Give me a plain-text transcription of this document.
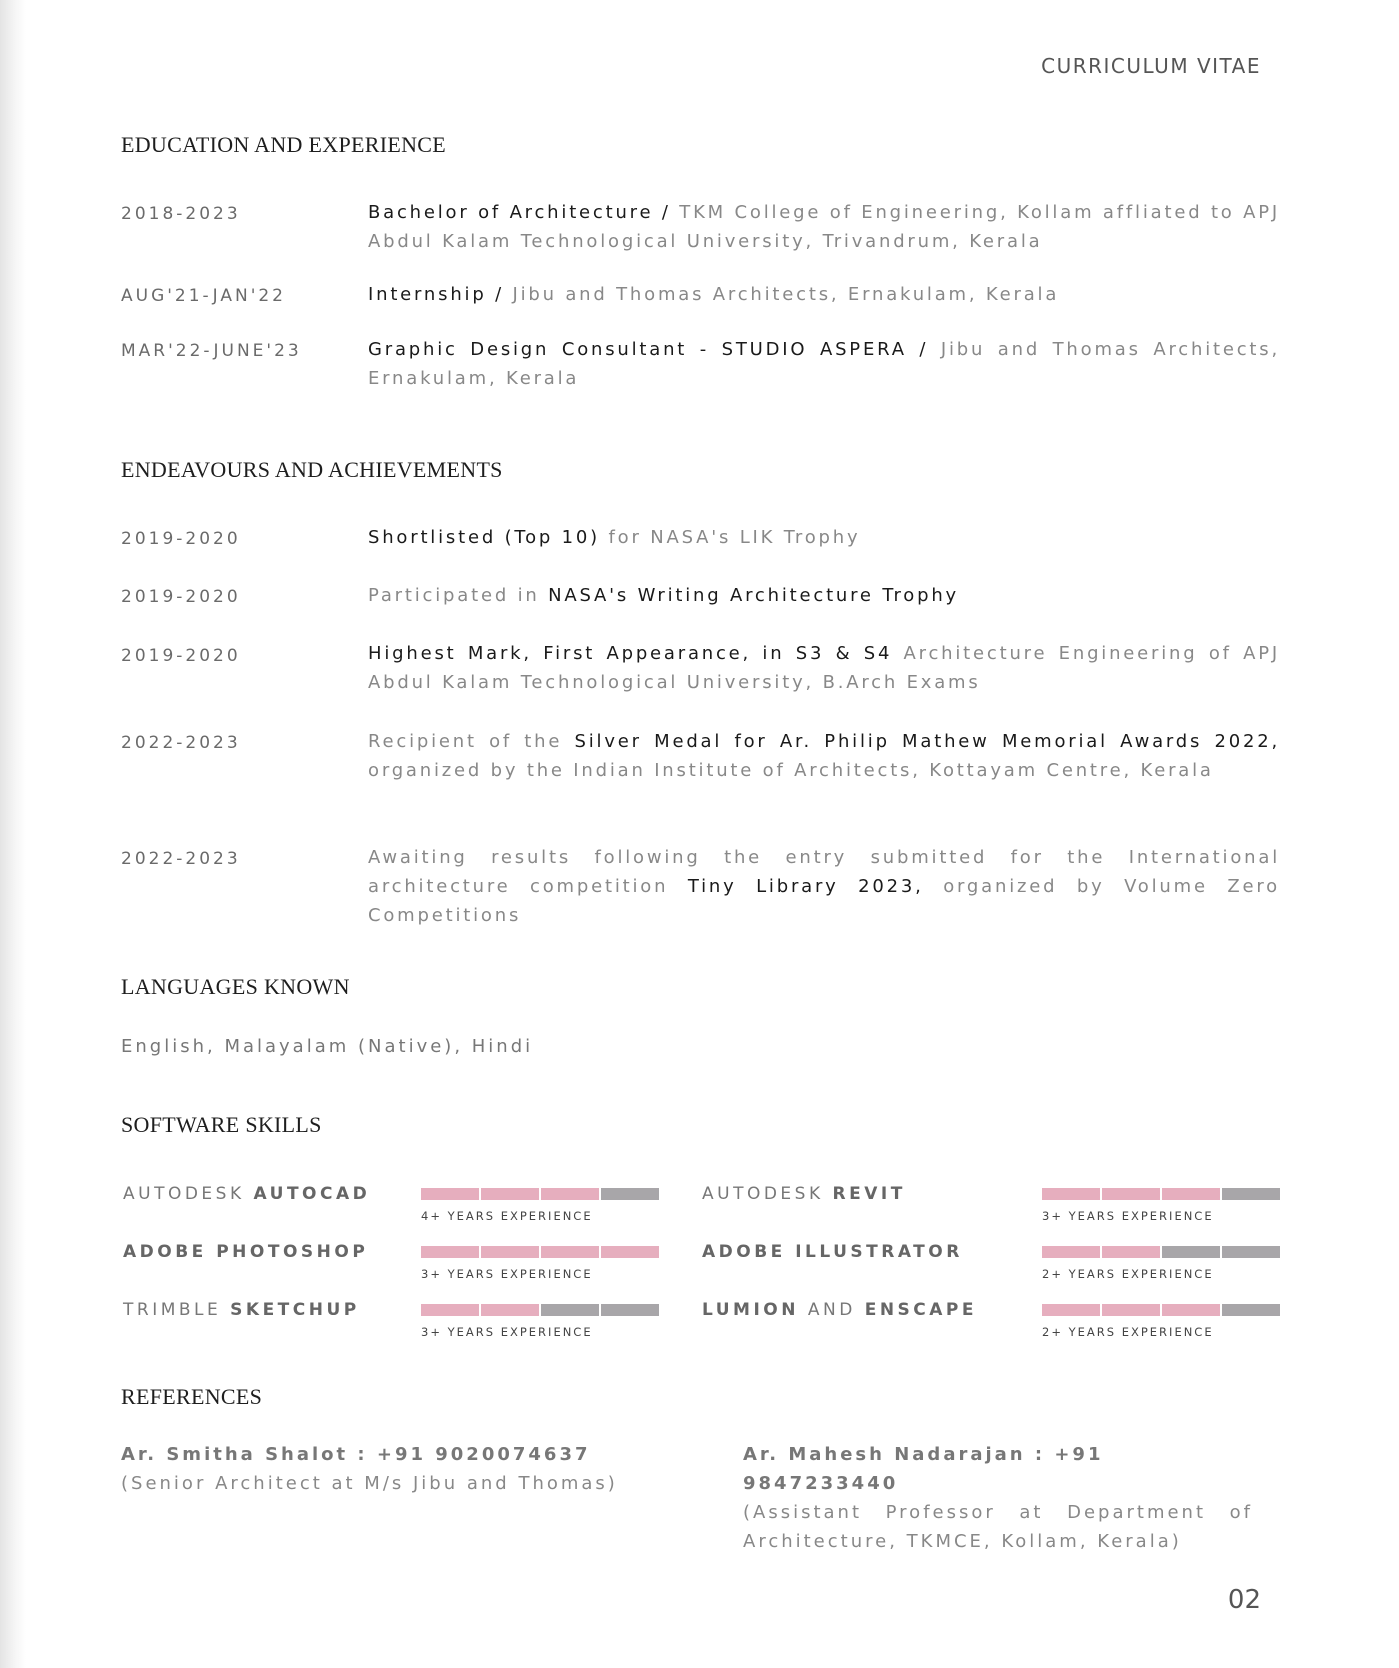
CURRICULUM VITAE
EDUCATION AND EXPERIENCE
2018-2023	Bachelor of Architecture / TKM College of Engineering, Kollam affliated to APJ Abdul Kalam Technological University, Trivandrum, Kerala
AUG'21-JAN'22	Internship / Jibu and Thomas Architects, Ernakulam, Kerala
MAR'22-JUNE'23	Graphic Design Consultant - STUDIO ASPERA / Jibu and Thomas Architects, Ernakulam, Kerala
ENDEAVOURS AND ACHIEVEMENTS
2019-2020	Shortlisted (Top 10) for NASA's LIK Trophy
2019-2020	Participated in NASA's Writing Architecture Trophy
2019-2020	Highest Mark, First Appearance, in S3 & S4 Architecture Engineering of APJ Abdul Kalam Technological University, B.Arch Exams
2022-2023	Recipient of the Silver Medal for Ar. Philip Mathew Memorial Awards 2022, organized by the Indian Institute of Architects, Kottayam Centre, Kerala
2022-2023	Awaiting results following the entry submitted for the International architecture competition Tiny Library 2023, organized by Volume Zero Competitions
LANGUAGES KNOWN
English, Malayalam (Native), Hindi
SOFTWARE SKILLS
AUTODESK AUTOCAD
4+ YEARS EXPERIENCE
AUTODESK REVIT
3+ YEARS EXPERIENCE
ADOBE PHOTOSHOP
3+ YEARS EXPERIENCE
ADOBE ILLUSTRATOR
2+ YEARS EXPERIENCE
TRIMBLE SKETCHUP
3+ YEARS EXPERIENCE
LUMION AND ENSCAPE
2+ YEARS EXPERIENCE
REFERENCES
Ar. Smitha Shalot : +91 9020074637
(Senior Architect at M/s Jibu and Thomas)
Ar. Mahesh Nadarajan : +91 9847233440
(Assistant Professor at Department of Architecture, TKMCE, Kollam, Kerala)
02
